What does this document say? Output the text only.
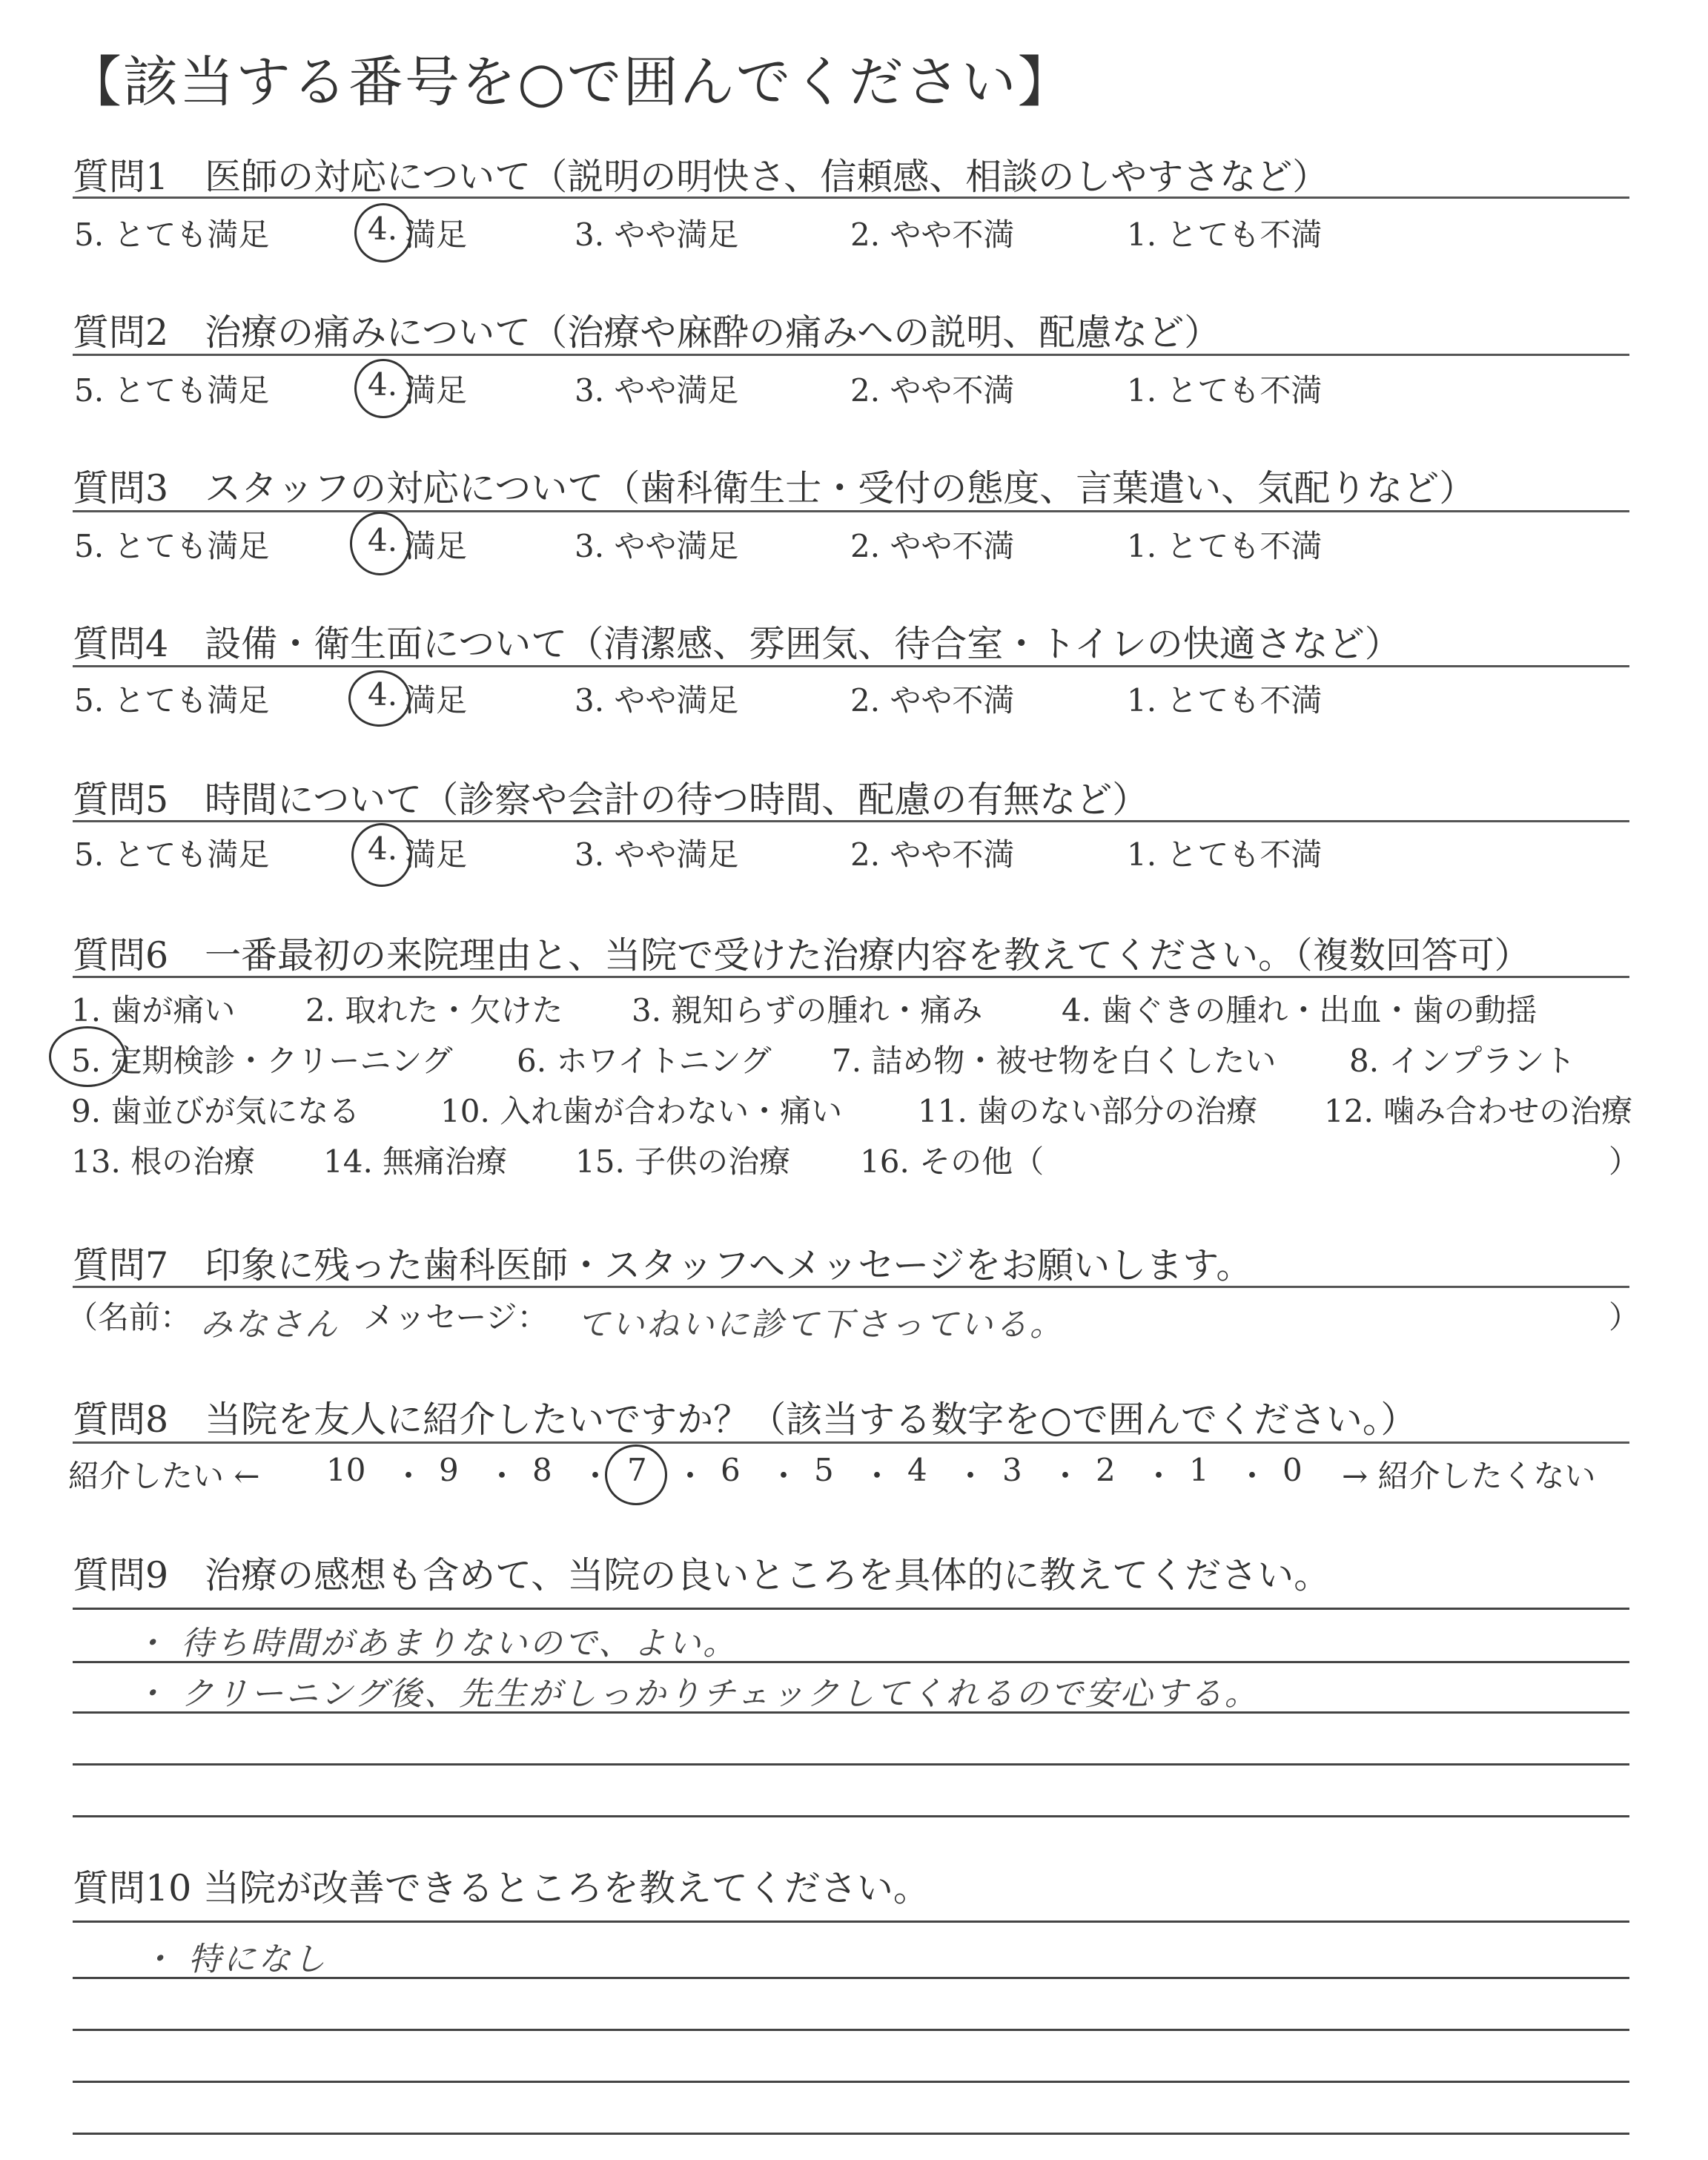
【該当する番号を○で囲んでください】
質問1　医師の対応について（説明の明快さ、信頼感、相談のしやすさなど）
5. とても満足	4. 満足	3. やや満足	2. やや不満	1. とても不満
質問2　治療の痛みについて（治療や麻酔の痛みへの説明、配慮など）
5. とても満足	4. 満足	3. やや満足	2. やや不満	1. とても不満
質問3　スタッフの対応について（歯科衛生士・受付の態度、言葉遣い、気配りなど）
5. とても満足	4. 満足	3. やや満足	2. やや不満	1. とても不満
質問4　設備・衛生面について（清潔感、雰囲気、待合室・トイレの快適さなど）
5. とても満足	4. 満足	3. やや満足	2. やや不満	1. とても不満
質問5　時間について（診察や会計の待つ時間、配慮の有無など）
5. とても満足	4. 満足	3. やや満足	2. やや不満	1. とても不満
質問6　一番最初の来院理由と、当院で受けた治療内容を教えてください。（複数回答可）
1. 歯が痛い 2. 取れた・欠けた 3. 親知らずの腫れ・痛み	4. 歯ぐきの腫れ・出血・歯の動揺
5. 定期検診・クリーニング 6. ホワイトニング 7. 詰め物・被せ物を白くしたい 8. インプラント
9. 歯並びが気になる	10. 入れ歯が合わない・痛い 11. 歯のない部分の治療 12. 噛み合わせの治療
13. 根の治療 14. 無痛治療 15. 子供の治療 16. その他（	）
質問7　印象に残った歯科医師・スタッフへメッセージをお願いします。
（名前： みなさん メッセージ： ていねいに診て下さっている。	）
質問8　当院を友人に紹介したいですか？（該当する数字を○で囲んでください。）
紹介したい ← 10 ・ 9 ・ 8 ・ 7 ・ 6 ・ 5 ・ 4 ・ 3 ・ 2 ・ 1 ・ 0 → 紹介したくない
質問9　治療の感想も含めて、当院の良いところを具体的に教えてください。
・ 待ち時間があまりないので、よい。
・ クリーニング後、先生がしっかりチェックしてくれるので安心する。
質問10 当院が改善できるところを教えてください。
・ 特になし
